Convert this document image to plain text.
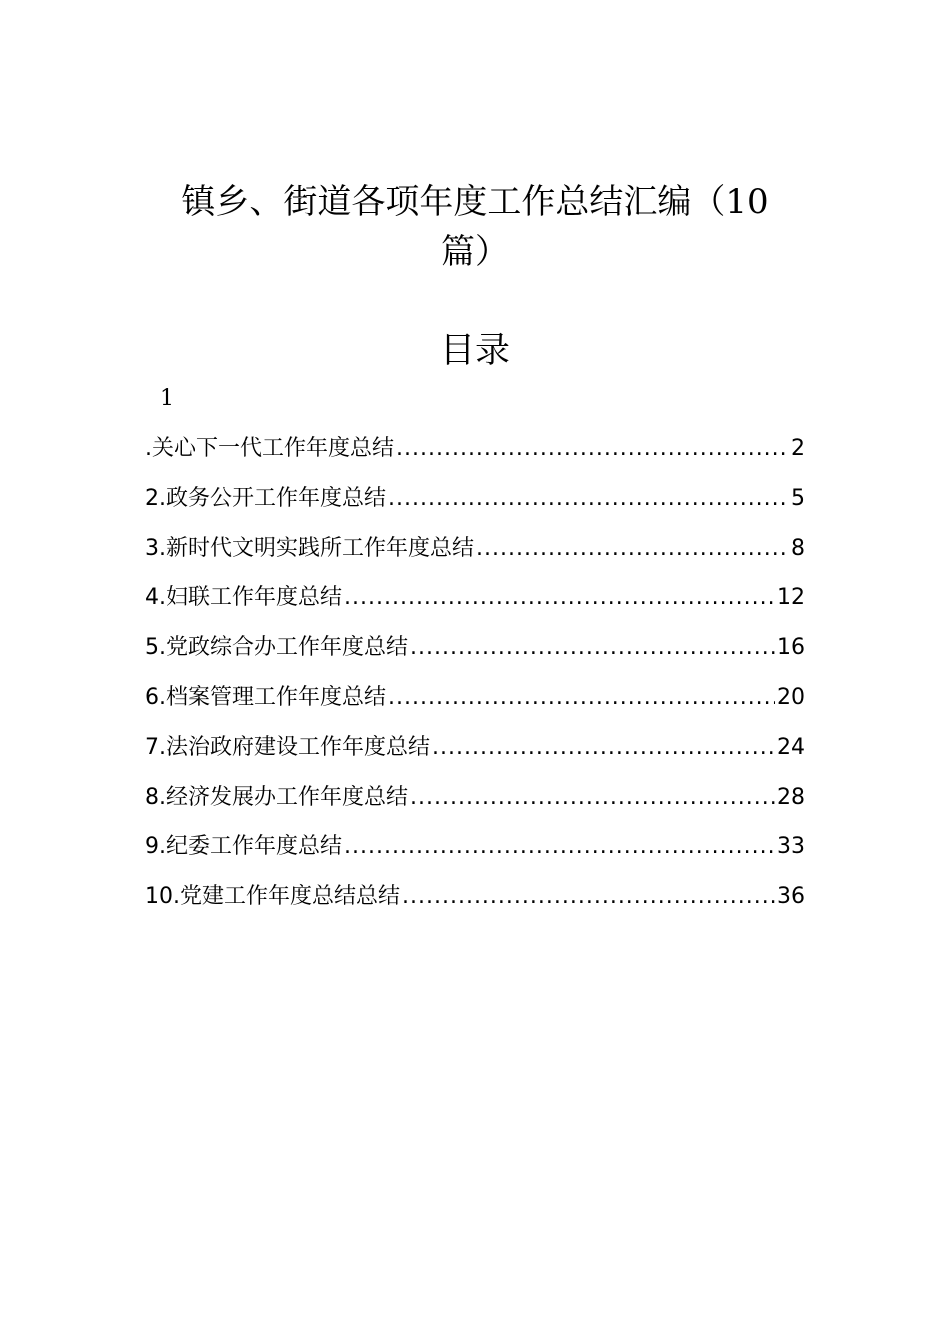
镇乡、街道各项年度工作总结汇编（10
篇）
目录
1
.关心下一代工作年度总结 .....	2
2.政务公开工作年度总结 .....	5
3.新时代文明实践所工作年度总结 .....	8
4.妇联工作年度总结 .....	12
5.党政综合办工作年度总结 .....	16
6.档案管理工作年度总结 .....	20
7.法治政府建设工作年度总结 .....	24
8.经济发展办工作年度总结 .....	28
9.纪委工作年度总结 .....	33
10.党建工作年度总结总结 .....	36
